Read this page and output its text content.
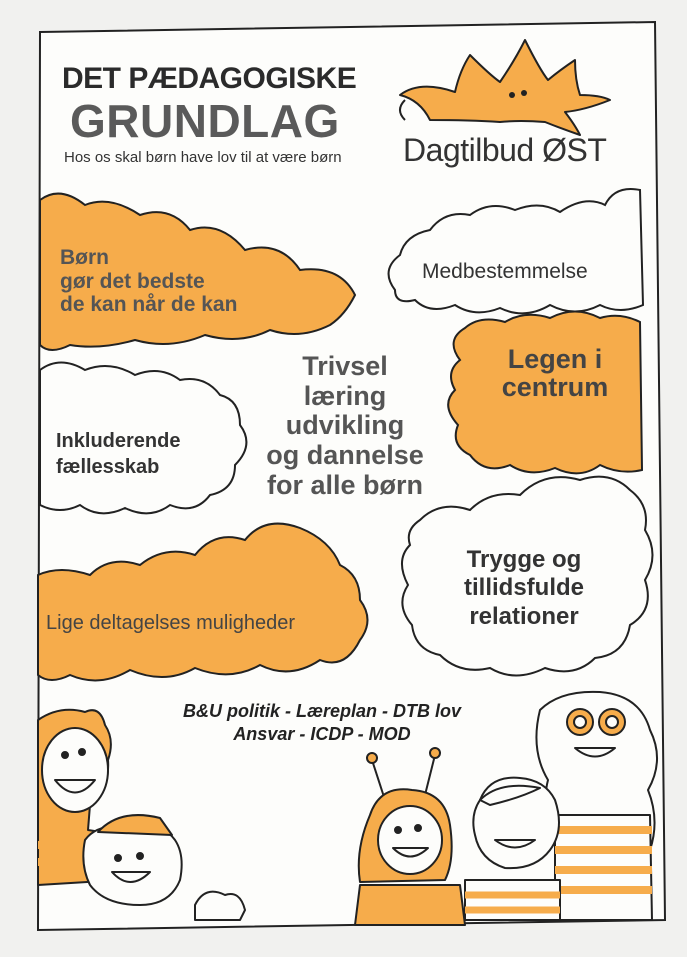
DET PÆDAGOGISKE
GRUNDLAG

Hos os skal børn have lov til at være børn Dagtilbud ØST

Børn
gør det bedste
de kan når de kan

Medbestemmelse

Legen i
centrum

Inkluderende
fællesskab

Trivsel
læring
udvikling
og dannelse
for alle børn

Lige deltagelses muligheder

Trygge og
tillidsfulde
relationer

B&U politik - Læreplan - DTB lov
Ansvar - ICDP - MOD
